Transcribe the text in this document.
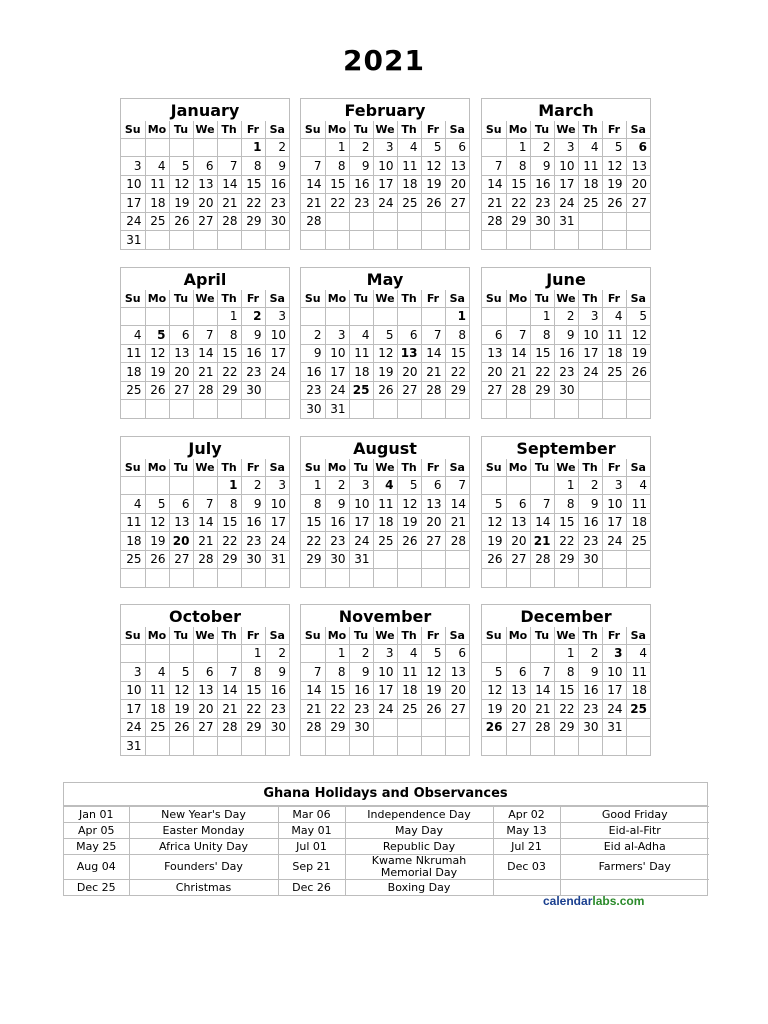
2021
January
Su	Mo	Tu	We	Th	Fr	Sa
					1	2
3	4	5	6	7	8	9
10	11	12	13	14	15	16
17	18	19	20	21	22	23
24	25	26	27	28	29	30
31						
February
Su	Mo	Tu	We	Th	Fr	Sa
	1	2	3	4	5	6
7	8	9	10	11	12	13
14	15	16	17	18	19	20
21	22	23	24	25	26	27
28						

March
Su	Mo	Tu	We	Th	Fr	Sa
	1	2	3	4	5	6
7	8	9	10	11	12	13
14	15	16	17	18	19	20
21	22	23	24	25	26	27
28	29	30	31			

April
Su	Mo	Tu	We	Th	Fr	Sa
				1	2	3
4	5	6	7	8	9	10
11	12	13	14	15	16	17
18	19	20	21	22	23	24
25	26	27	28	29	30	

May
Su	Mo	Tu	We	Th	Fr	Sa
						1
2	3	4	5	6	7	8
9	10	11	12	13	14	15
16	17	18	19	20	21	22
23	24	25	26	27	28	29
30	31					
June
Su	Mo	Tu	We	Th	Fr	Sa
		1	2	3	4	5
6	7	8	9	10	11	12
13	14	15	16	17	18	19
20	21	22	23	24	25	26
27	28	29	30			

July
Su	Mo	Tu	We	Th	Fr	Sa
				1	2	3
4	5	6	7	8	9	10
11	12	13	14	15	16	17
18	19	20	21	22	23	24
25	26	27	28	29	30	31

August
Su	Mo	Tu	We	Th	Fr	Sa
1	2	3	4	5	6	7
8	9	10	11	12	13	14
15	16	17	18	19	20	21
22	23	24	25	26	27	28
29	30	31				

September
Su	Mo	Tu	We	Th	Fr	Sa
			1	2	3	4
5	6	7	8	9	10	11
12	13	14	15	16	17	18
19	20	21	22	23	24	25
26	27	28	29	30		

October
Su	Mo	Tu	We	Th	Fr	Sa
					1	2
3	4	5	6	7	8	9
10	11	12	13	14	15	16
17	18	19	20	21	22	23
24	25	26	27	28	29	30
31						
November
Su	Mo	Tu	We	Th	Fr	Sa
	1	2	3	4	5	6
7	8	9	10	11	12	13
14	15	16	17	18	19	20
21	22	23	24	25	26	27
28	29	30				

December
Su	Mo	Tu	We	Th	Fr	Sa
			1	2	3	4
5	6	7	8	9	10	11
12	13	14	15	16	17	18
19	20	21	22	23	24	25
26	27	28	29	30	31	

Ghana Holidays and Observances
Jan 01	New Year's Day	Mar 06	Independence Day	Apr 02	Good Friday
Apr 05	Easter Monday	May 01	May Day	May 13	Eid-al-Fitr
May 25	Africa Unity Day	Jul 01	Republic Day	Jul 21	Eid al-Adha
Aug 04	Founders' Day	Sep 21	Kwame Nkrumah Memorial Day	Dec 03	Farmers' Day
Dec 25	Christmas	Dec 26	Boxing Day		
calendarlabs.com
